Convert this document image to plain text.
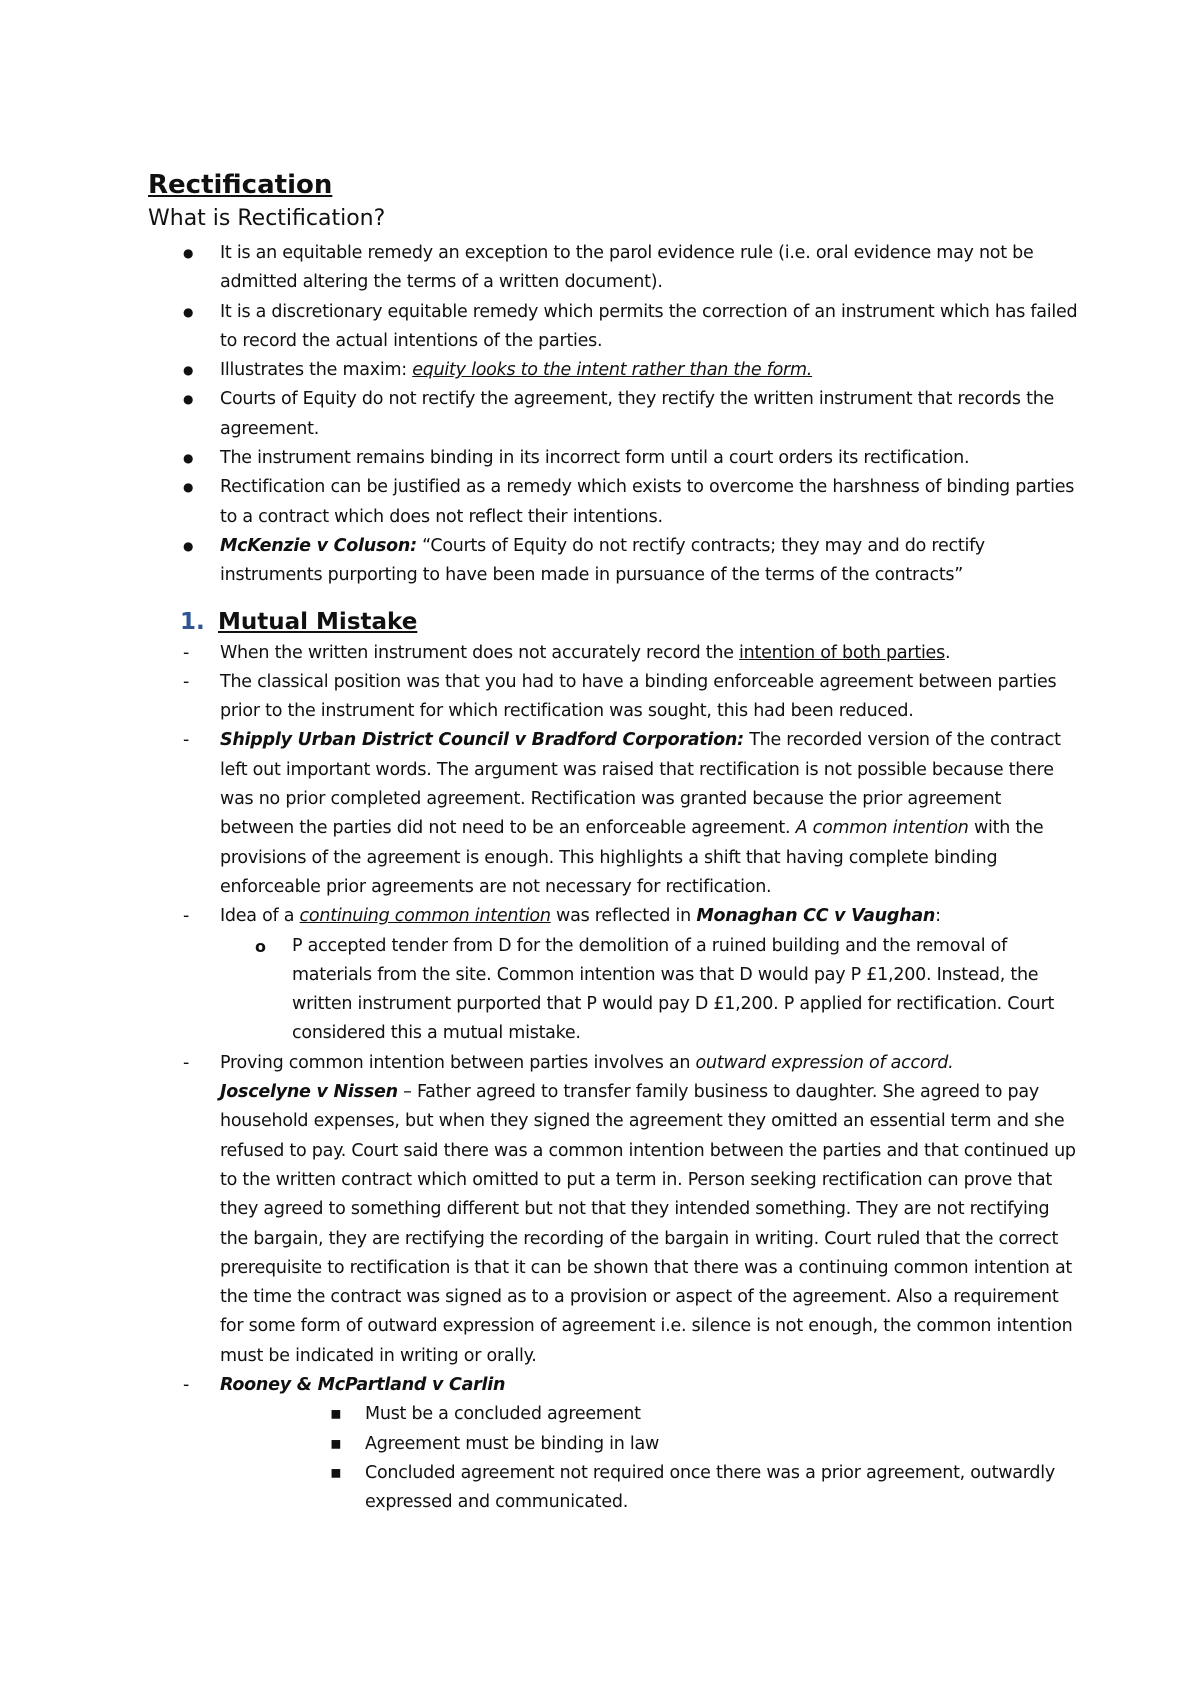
Rectification
What is Rectification?
● It is an equitable remedy an exception to the parol evidence rule (i.e. oral evidence may not be admitted altering the terms of a written document).
● It is a discretionary equitable remedy which permits the correction of an instrument which has failed to record the actual intentions of the parties.
● Illustrates the maxim: equity looks to the intent rather than the form.
● Courts of Equity do not rectify the agreement, they rectify the written instrument that records the agreement.
● The instrument remains binding in its incorrect form until a court orders its rectification.
● Rectification can be justified as a remedy which exists to overcome the harshness of binding parties to a contract which does not reflect their intentions.
● McKenzie v Coluson: “Courts of Equity do not rectify contracts; they may and do rectify instruments purporting to have been made in pursuance of the terms of the contracts”
1. Mutual Mistake
- When the written instrument does not accurately record the intention of both parties.
- The classical position was that you had to have a binding enforceable agreement between parties prior to the instrument for which rectification was sought, this had been reduced.
- Shipply Urban District Council v Bradford Corporation: The recorded version of the contract left out important words. The argument was raised that rectification is not possible because there was no prior completed agreement. Rectification was granted because the prior agreement between the parties did not need to be an enforceable agreement. A common intention with the provisions of the agreement is enough. This highlights a shift that having complete binding enforceable prior agreements are not necessary for rectification.
- Idea of a continuing common intention was reflected in Monaghan CC v Vaughan:
o P accepted tender from D for the demolition of a ruined building and the removal of materials from the site. Common intention was that D would pay P £1,200. Instead, the written instrument purported that P would pay D £1,200. P applied for rectification. Court considered this a mutual mistake.
- Proving common intention between parties involves an outward expression of accord.
Joscelyne v Nissen – Father agreed to transfer family business to daughter. She agreed to pay household expenses, but when they signed the agreement they omitted an essential term and she refused to pay. Court said there was a common intention between the parties and that continued up to the written contract which omitted to put a term in. Person seeking rectification can prove that they agreed to something different but not that they intended something. They are not rectifying the bargain, they are rectifying the recording of the bargain in writing. Court ruled that the correct prerequisite to rectification is that it can be shown that there was a continuing common intention at the time the contract was signed as to a provision or aspect of the agreement. Also a requirement for some form of outward expression of agreement i.e. silence is not enough, the common intention must be indicated in writing or orally.
- Rooney & McPartland v Carlin
▪ Must be a concluded agreement
▪ Agreement must be binding in law
▪ Concluded agreement not required once there was a prior agreement, outwardly expressed and communicated.
